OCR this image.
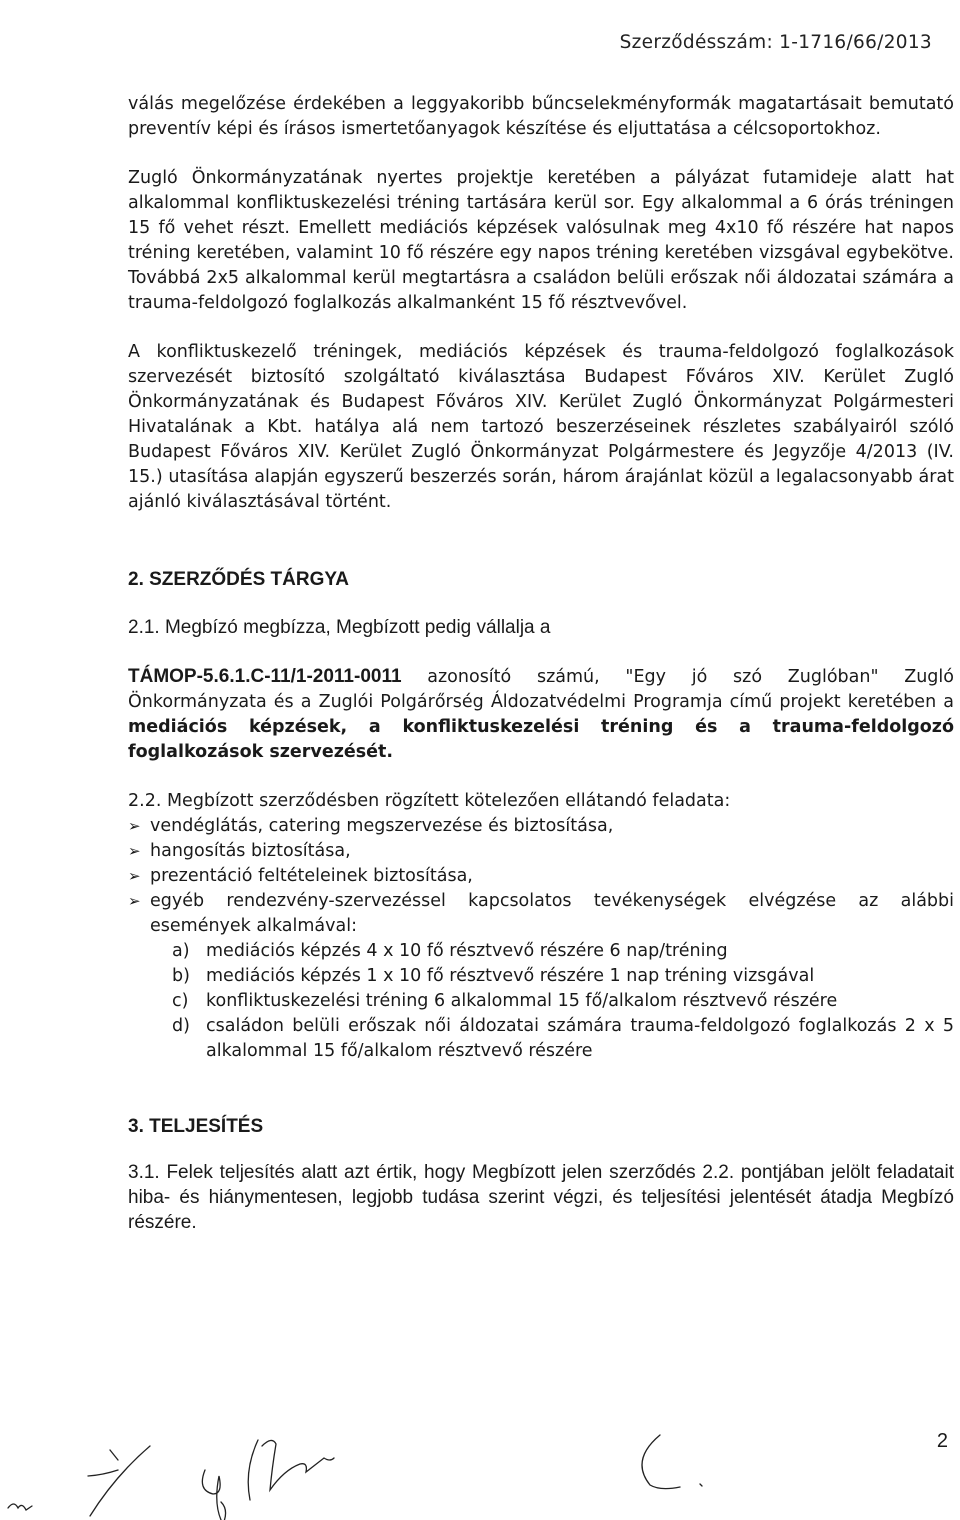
Szerződésszám: 1-1716/66/2013

válás megelőzése érdekében a leggyakoribb bűncselekményformák magatartásait bemutató preventív képi és írásos ismertetőanyagok készítése és eljuttatása a célcsoportokhoz.

Zugló Önkormányzatának nyertes projektje keretében a pályázat futamideje alatt hat alkalommal konfliktuskezelési tréning tartására kerül sor. Egy alkalommal a 6 órás tréningen 15 fő vehet részt. Emellett mediációs képzések valósulnak meg 4x10 fő részére hat napos tréning keretében, valamint 10 fő részére egy napos tréning keretében vizsgával egybekötve. Továbbá 2x5 alkalommal kerül megtartásra a családon belüli erőszak női áldozatai számára a trauma-feldolgozó foglalkozás alkalmanként 15 fő résztvevővel.

A konfliktuskezelő tréningek, mediációs képzések és trauma-feldolgozó foglalkozások szervezését biztosító szolgáltató kiválasztása Budapest Főváros XIV. Kerület Zugló Önkormányzatának és Budapest Főváros XIV. Kerület Zugló Önkormányzat Polgármesteri Hivatalának a Kbt. hatálya alá nem tartozó beszerzéseinek részletes szabályairól szóló Budapest Főváros XIV. Kerület Zugló Önkormányzat Polgármestere és Jegyzője 4/2013 (IV. 15.) utasítása alapján egyszerű beszerzés során, három árajánlat közül a legalacsonyabb árat ajánló kiválasztásával történt.

2. SZERZŐDÉS TÁRGYA

2.1. Megbízó megbízza, Megbízott pedig vállalja a

TÁMOP-5.6.1.C-11/1-2011-0011 azonosító számú, "Egy jó szó Zuglóban" Zugló Önkormányzata és a Zuglói Polgárőrség Áldozatvédelmi Programja című projekt keretében a mediációs képzések, a konfliktuskezelési tréning és a trauma-feldolgozó foglalkozások szervezését.

2.2. Megbízott szerződésben rögzített kötelezően ellátandó feladata:

➢ vendéglátás, catering megszervezése és biztosítása,
➢ hangosítás biztosítása,
➢ prezentáció feltételeinek biztosítása,
➢ egyéb rendezvény-szervezéssel kapcsolatos tevékenységek elvégzése az alábbi események alkalmával:
a) mediációs képzés 4 x 10 fő résztvevő részére 6 nap/tréning
b) mediációs képzés 1 x 10 fő résztvevő részére 1 nap tréning vizsgával
c) konfliktuskezelési tréning 6 alkalommal 15 fő/alkalom résztvevő részére
d) családon belüli erőszak női áldozatai számára trauma-feldolgozó foglalkozás 2 x 5 alkalommal 15 fő/alkalom résztvevő részére
3. TELJESÍTÉS

3.1. Felek teljesítés alatt azt értik, hogy Megbízott jelen szerződés 2.2. pontjában jelölt feladatait hiba- és hiánymentesen, legjobb tudása szerint végzi, és teljesítési jelentését átadja Megbízó részére.

2
